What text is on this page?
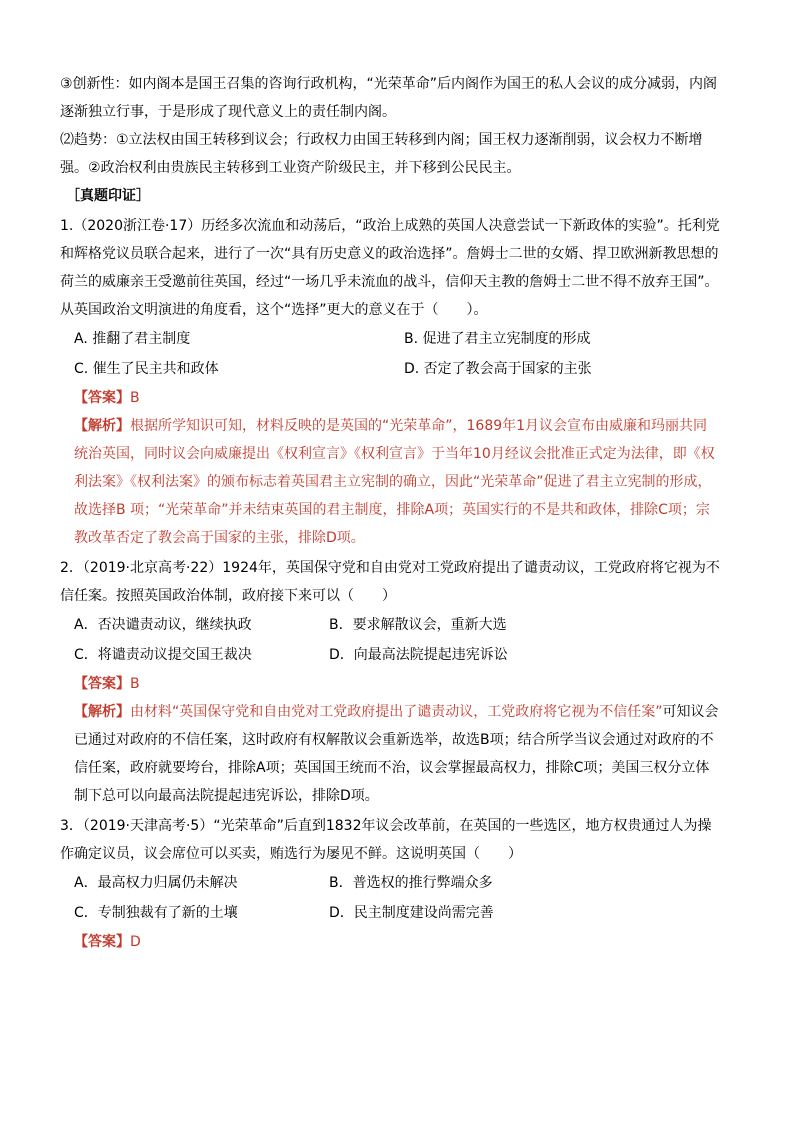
③创新性：如内阁本是国王召集的咨询行政机构，“光荣革命”后内阁作为国王的私人会议的成分减弱，内阁逐渐独立行事，于是形成了现代意义上的责任制内阁。

⑵趋势：①立法权由国王转移到议会；行政权力由国王转移到内阁；国王权力逐渐削弱，议会权力不断增强。②政治权利由贵族民主转移到工业资产阶级民主，并下移到公民民主。

［真题印证］

1.（2020浙江卷·17）历经多次流血和动荡后，“政治上成熟的英国人决意尝试一下新政体的实验”。托利党和辉格党议员联合起来，进行了一次“具有历史意义的政治选择”。詹姆士二世的女婿、捍卫欧洲新教思想的荷兰的威廉亲王受邀前往英国，经过“一场几乎未流血的战斗，信仰天主教的詹姆士二世不得不放弃王国”。从英国政治文明演进的角度看，这个“选择”更大的意义在于（　　）。

A. 推翻了君主制度	B. 促进了君主立宪制度的形成
C. 催生了民主共和政体	D. 否定了教会高于国家的主张

【答案】B

【解析】根据所学知识可知，材料反映的是英国的“光荣革命”，1689年1月议会宣布由威廉和玛丽共同统治英国，同时议会向威廉提出《权利宣言》《权利宣言》于当年10月经议会批准正式定为法律，即《权利法案》《权利法案》的颁布标志着英国君主立宪制的确立，因此“光荣革命”促进了君主立宪制的形成，故选择B 项；“光荣革命”并未结束英国的君主制度，排除A项；英国实行的不是共和政体，排除C项；宗教改革否定了教会高于国家的主张，排除D项。

2．（2019·北京高考·22）1924年，英国保守党和自由党对工党政府提出了谴责动议，工党政府将它视为不信任案。按照英国政治体制，政府接下来可以（　　）

A．否决谴责动议，继续执政	B．要求解散议会，重新大选
C．将谴责动议提交国王裁决	D．向最高法院提起违宪诉讼

【答案】B

【解析】由材料“英国保守党和自由党对工党政府提出了谴责动议，工党政府将它视为不信任案”可知议会已通过对政府的不信任案，这时政府有权解散议会重新选举，故选B项；结合所学当议会通过对政府的不信任案，政府就要垮台，排除A项；英国国王统而不治，议会掌握最高权力，排除C项；美国三权分立体制下总可以向最高法院提起违宪诉讼，排除D项。

3．（2019·天津高考·5）“光荣革命”后直到1832年议会改革前，在英国的一些选区，地方权贵通过人为操作确定议员，议会席位可以买卖，贿选行为屡见不鲜。这说明英国（　　）

A．最高权力归属仍未解决	B．普选权的推行弊端众多
C．专制独裁有了新的土壤	D．民主制度建设尚需完善

【答案】D
